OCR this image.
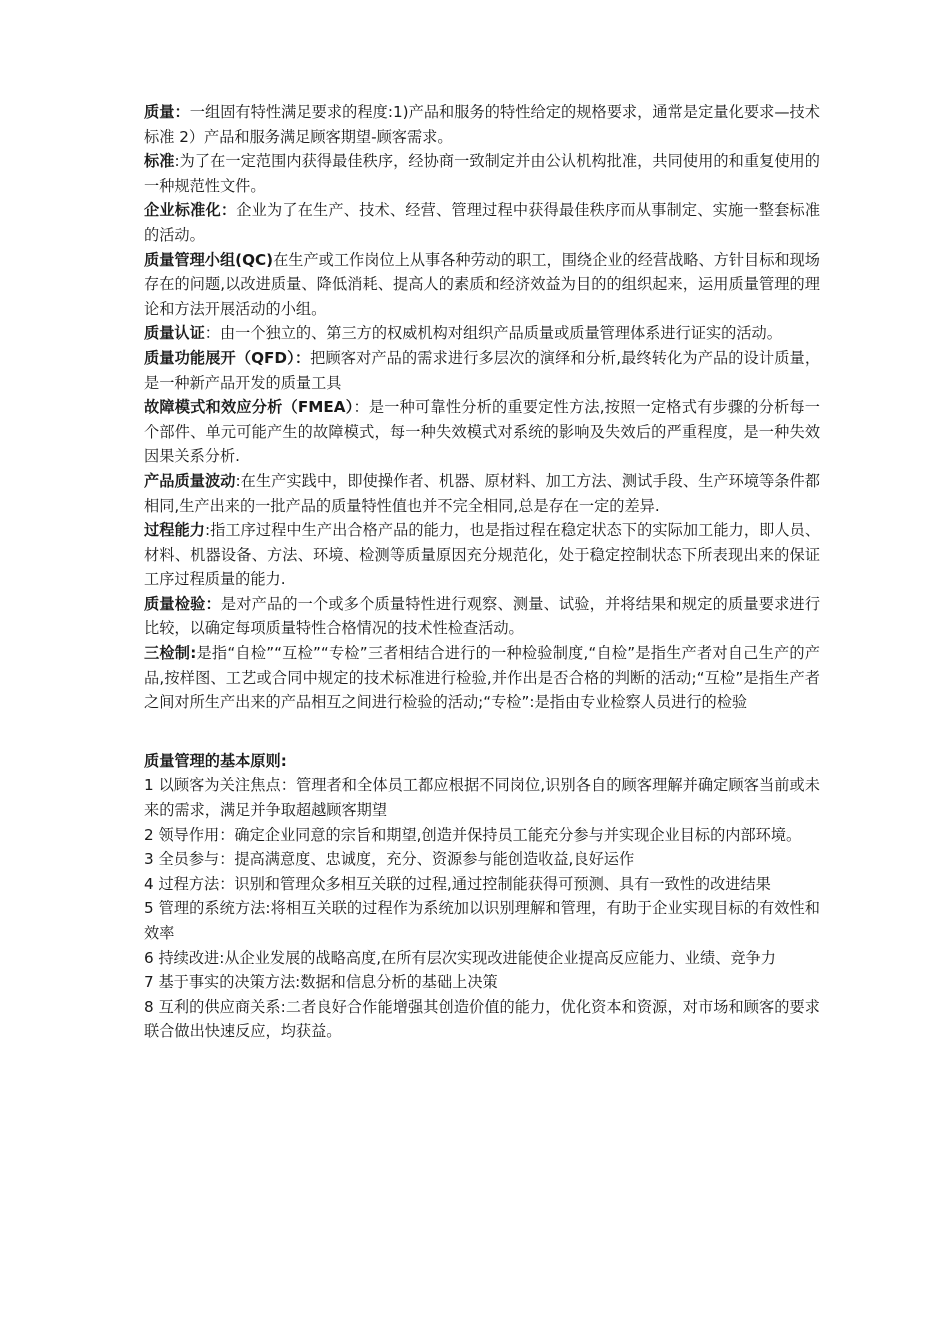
质量：一组固有特性满足要求的程度:1)产品和服务的特性给定的规格要求，通常是定量化要求—技术标准 2）产品和服务满足顾客期望-顾客需求。

标准:为了在一定范围内获得最佳秩序，经协商一致制定并由公认机构批准，共同使用的和重复使用的一种规范性文件。

企业标准化：企业为了在生产、技术、经营、管理过程中获得最佳秩序而从事制定、实施一整套标准的活动。

质量管理小组(QC)在生产或工作岗位上从事各种劳动的职工，围绕企业的经营战略、方针目标和现场存在的问题,以改进质量、降低消耗、提高人的素质和经济效益为目的的组织起来，运用质量管理的理论和方法开展活动的小组。

质量认证：由一个独立的、第三方的权威机构对组织产品质量或质量管理体系进行证实的活动。

质量功能展开（QFD）：把顾客对产品的需求进行多层次的演绎和分析,最终转化为产品的设计质量，是一种新产品开发的质量工具

故障模式和效应分析（FMEA）：是一种可靠性分析的重要定性方法,按照一定格式有步骤的分析每一个部件、单元可能产生的故障模式，每一种失效模式对系统的影响及失效后的严重程度，是一种失效因果关系分析.

产品质量波动:在生产实践中，即使操作者、机器、原材料、加工方法、测试手段、生产环境等条件都相同,生产出来的一批产品的质量特性值也并不完全相同,总是存在一定的差异.

过程能力:指工序过程中生产出合格产品的能力，也是指过程在稳定状态下的实际加工能力，即人员、材料、机器设备、方法、环境、检测等质量原因充分规范化，处于稳定控制状态下所表现出来的保证工序过程质量的能力.

质量检验：是对产品的一个或多个质量特性进行观察、测量、试验，并将结果和规定的质量要求进行比较，以确定每项质量特性合格情况的技术性检查活动。

三检制:是指“自检”“互检”“专检”三者相结合进行的一种检验制度,“自检”是指生产者对自己生产的产品,按样图、工艺或合同中规定的技术标准进行检验,并作出是否合格的判断的活动;“互检”是指生产者之间对所生产出来的产品相互之间进行检验的活动;“专检”:是指由专业检察人员进行的检验

质量管理的基本原则:

1 以顾客为关注焦点：管理者和全体员工都应根据不同岗位,识别各自的顾客理解并确定顾客当前或未来的需求，满足并争取超越顾客期望

2 领导作用：确定企业同意的宗旨和期望,创造并保持员工能充分参与并实现企业目标的内部环境。

3 全员参与：提高满意度、忠诚度，充分、资源参与能创造收益,良好运作

4 过程方法：识别和管理众多相互关联的过程,通过控制能获得可预测、具有一致性的改进结果

5 管理的系统方法:将相互关联的过程作为系统加以识别理解和管理，有助于企业实现目标的有效性和效率

6 持续改进:从企业发展的战略高度,在所有层次实现改进能使企业提高反应能力、业绩、竞争力

7 基于事实的决策方法:数据和信息分析的基础上决策

8 互利的供应商关系:二者良好合作能增强其创造价值的能力，优化资本和资源，对市场和顾客的要求联合做出快速反应，均获益。
